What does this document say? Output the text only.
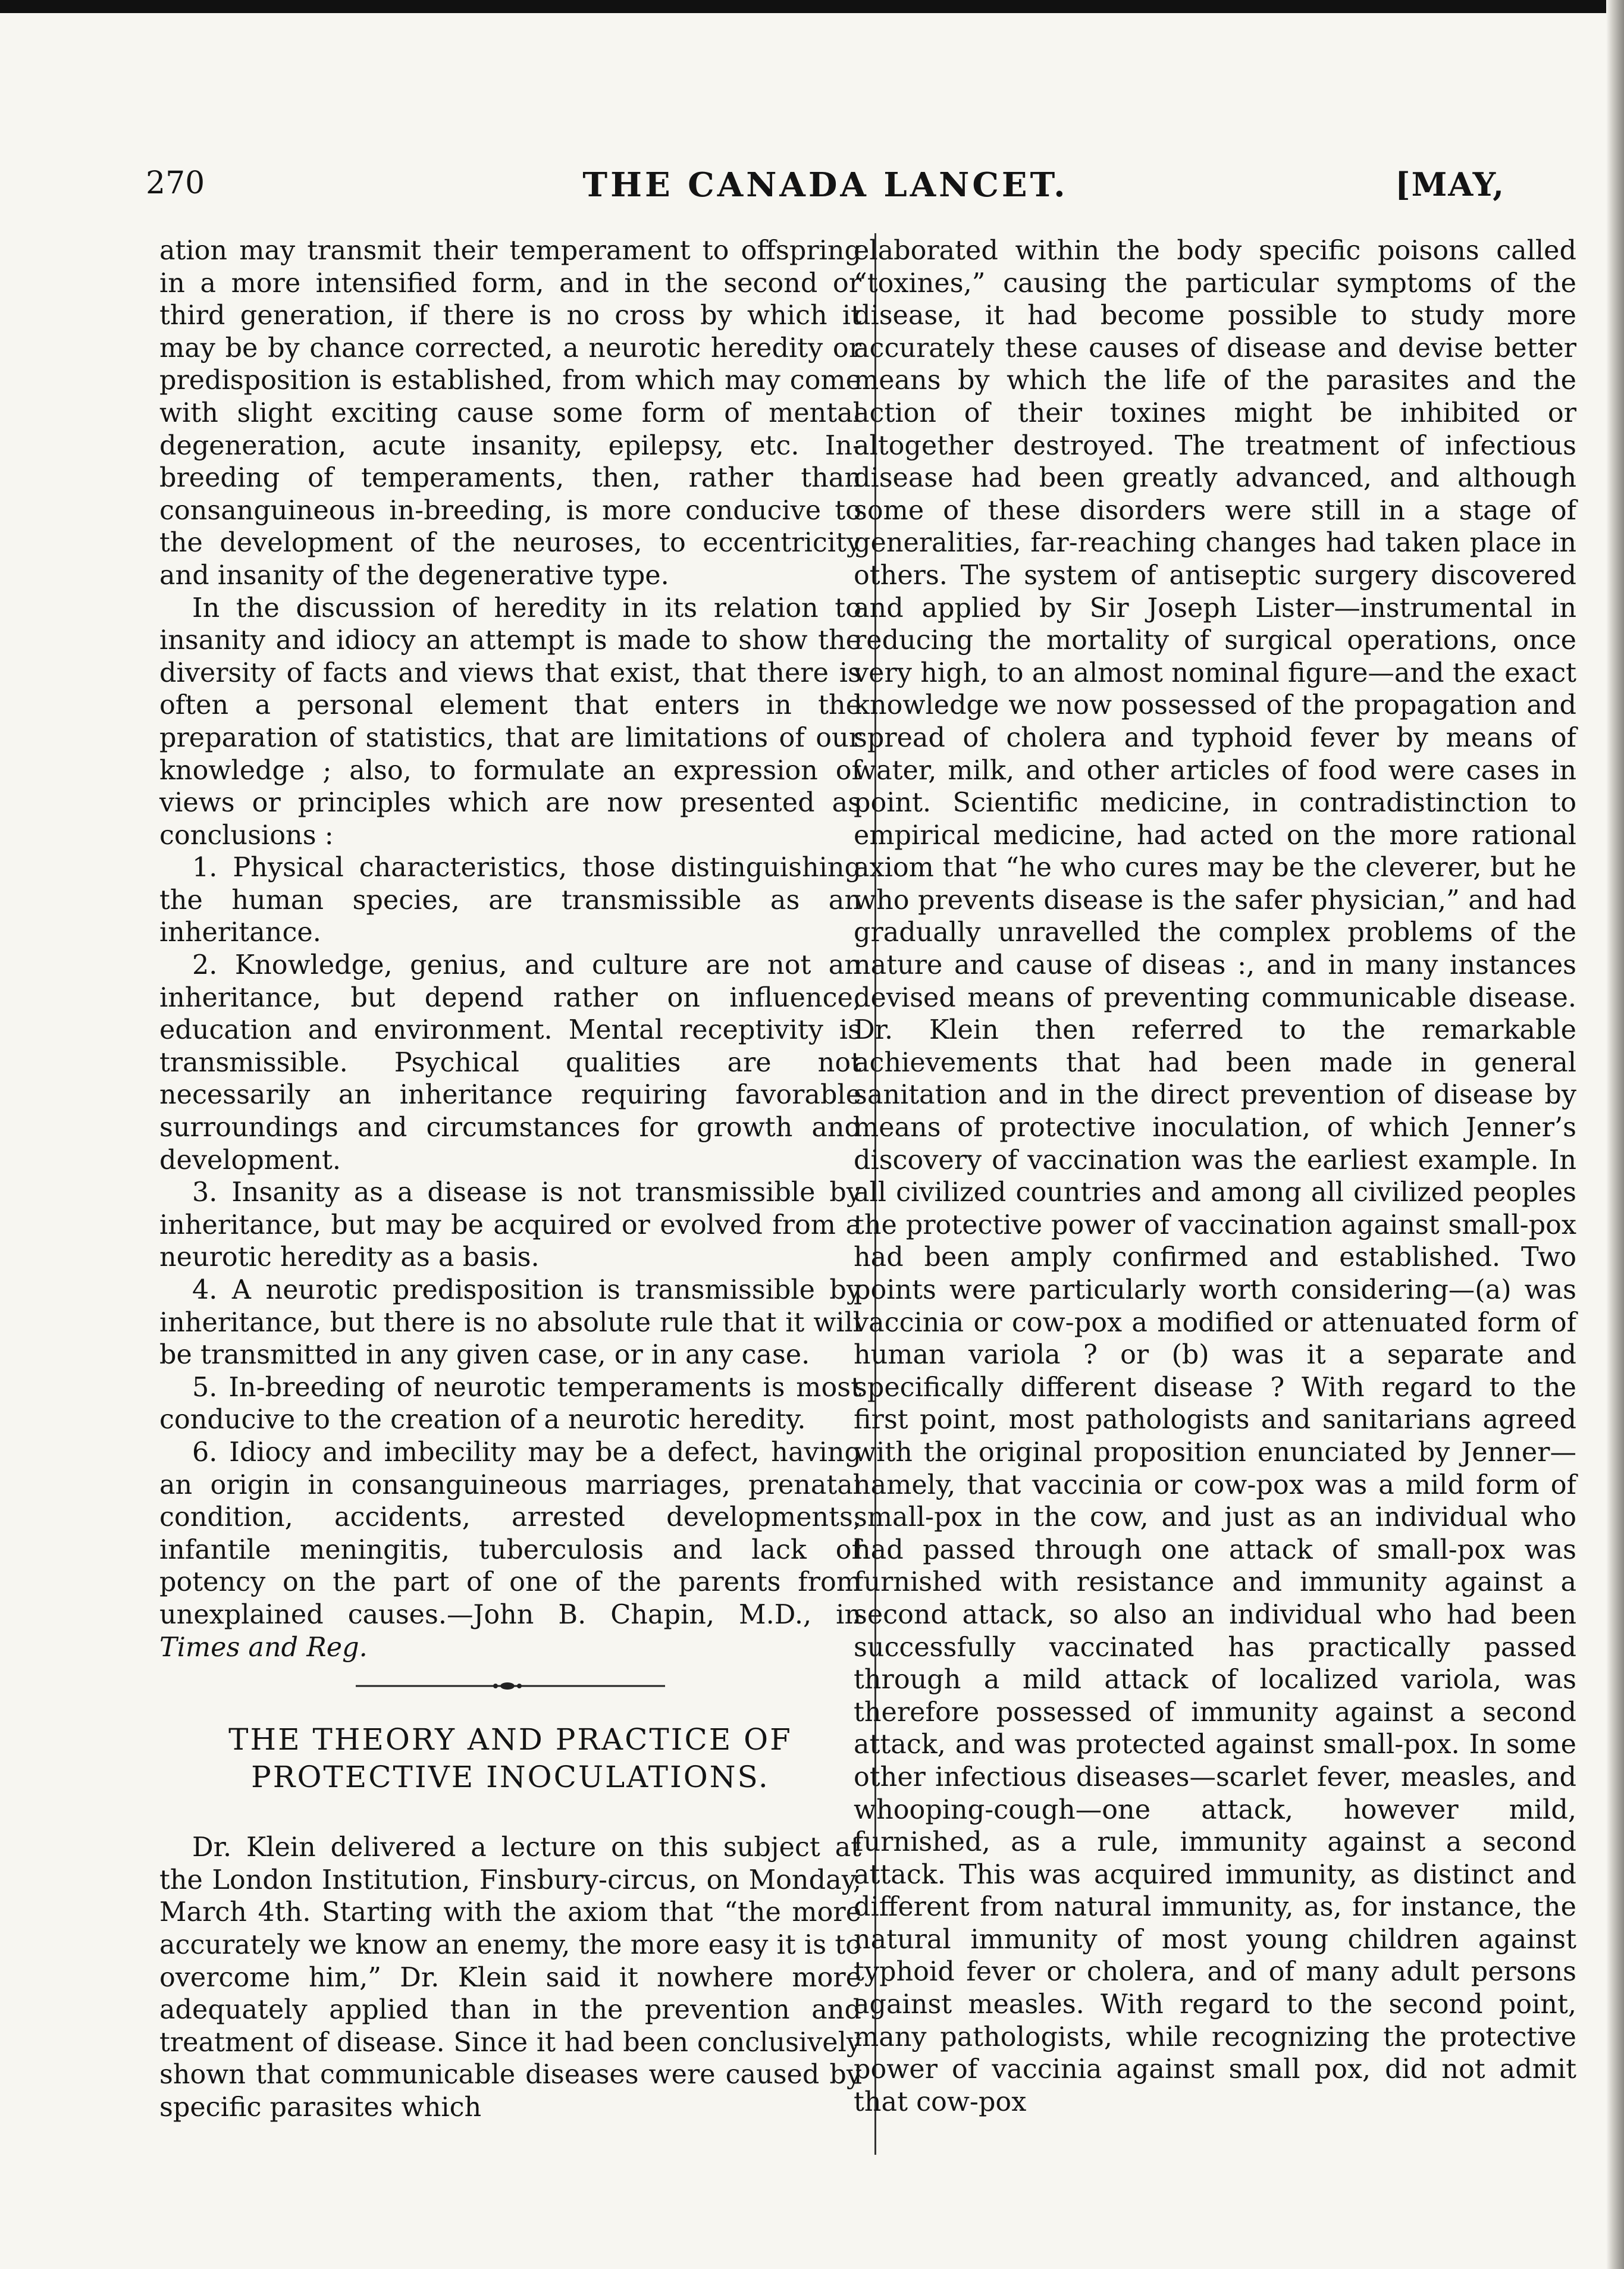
270	THE CANADA LANCET.	[MAY,

ation may transmit their temperament to offspring in a more intensified form, and in the second or third generation, if there is no cross by which it may be by chance corrected, a neurotic heredity or predisposition is established, from which may come with slight exciting cause some form of mental degeneration, acute insanity, epilepsy, etc. In-breeding of temperaments, then, rather than consanguineous in-breeding, is more conducive to the development of the neuroses, to eccentricity and insanity of the degenerative type.

In the discussion of heredity in its relation to insanity and idiocy an attempt is made to show the diversity of facts and views that exist, that there is often a personal element that enters in the preparation of statistics, that are limitations of our knowledge ; also, to formulate an expression of views or principles which are now presented as conclusions :

1. Physical characteristics, those distinguishing the human species, are transmissible as an inheritance.

2. Knowledge, genius, and culture are not an inheritance, but depend rather on influence, education and environment. Mental receptivity is transmissible. Psychical qualities are not necessarily an inheritance requiring favorable surroundings and circumstances for growth and development.

3. Insanity as a disease is not transmissible by inheritance, but may be acquired or evolved from a neurotic heredity as a basis.

4. A neurotic predisposition is transmissible by inheritance, but there is no absolute rule that it will be transmitted in any given case, or in any case.

5. In-breeding of neurotic temperaments is most conducive to the creation of a neurotic heredity.

6. Idiocy and imbecility may be a defect, having an origin in consanguineous marriages, prenatal condition, accidents, arrested developments, infantile meningitis, tuberculosis and lack of potency on the part of one of the parents from unexplained causes.—John B. Chapin, M.D., in Times and Reg.

THE THEORY AND PRACTICE OF PROTECTIVE INOCULATIONS.

Dr. Klein delivered a lecture on this subject at the London Institution, Finsbury-circus, on Monday, March 4th. Starting with the axiom that “the more accurately we know an enemy, the more easy it is to overcome him,” Dr. Klein said it nowhere more adequately applied than in the prevention and treatment of disease. Since it had been conclusively shown that communicable diseases were caused by specific parasites which

elaborated within the body specific poisons called “toxines,” causing the particular symptoms of the disease, it had become possible to study more accurately these causes of disease and devise better means by which the life of the parasites and the action of their toxines might be inhibited or altogether destroyed. The treatment of infectious disease had been greatly advanced, and although some of these disorders were still in a stage of generalities, far-reaching changes had taken place in others. The system of antiseptic surgery discovered and applied by Sir Joseph Lister—instrumental in reducing the mortality of surgical operations, once very high, to an almost nominal figure—and the exact knowledge we now possessed of the propagation and spread of cholera and typhoid fever by means of water, milk, and other articles of food were cases in point. Scientific medicine, in contradistinction to empirical medicine, had acted on the more rational axiom that “he who cures may be the cleverer, but he who prevents disease is the safer physician,” and had gradually unravelled the complex problems of the nature and cause of diseas :, and in many instances devised means of preventing communicable disease. Dr. Klein then referred to the remarkable achievements that had been made in general sanitation and in the direct prevention of disease by means of protective inoculation, of which Jenner’s discovery of vaccination was the earliest example. In all civilized countries and among all civilized peoples the protective power of vaccination against small-pox had been amply confirmed and established. Two points were particularly worth considering—(a) was vaccinia or cow-pox a modified or attenuated form of human variola ? or (b) was it a separate and specifically different disease ? With regard to the first point, most pathologists and sanitarians agreed with the original proposition enunciated by Jenner—namely, that vaccinia or cow-pox was a mild form of small-pox in the cow, and just as an individual who had passed through one attack of small-pox was furnished with resistance and immunity against a second attack, so also an individual who had been successfully vaccinated has practically passed through a mild attack of localized variola, was therefore possessed of immunity against a second attack, and was protected against small-pox. In some other infectious diseases—scarlet fever, measles, and whooping-cough—one attack, however mild, furnished, as a rule, immunity against a second attack. This was acquired immunity, as distinct and different from natural immunity, as, for instance, the natural immunity of most young children against typhoid fever or cholera, and of many adult persons against measles. With regard to the second point, many pathologists, while recognizing the protective power of vaccinia against small pox, did not admit that cow-pox
